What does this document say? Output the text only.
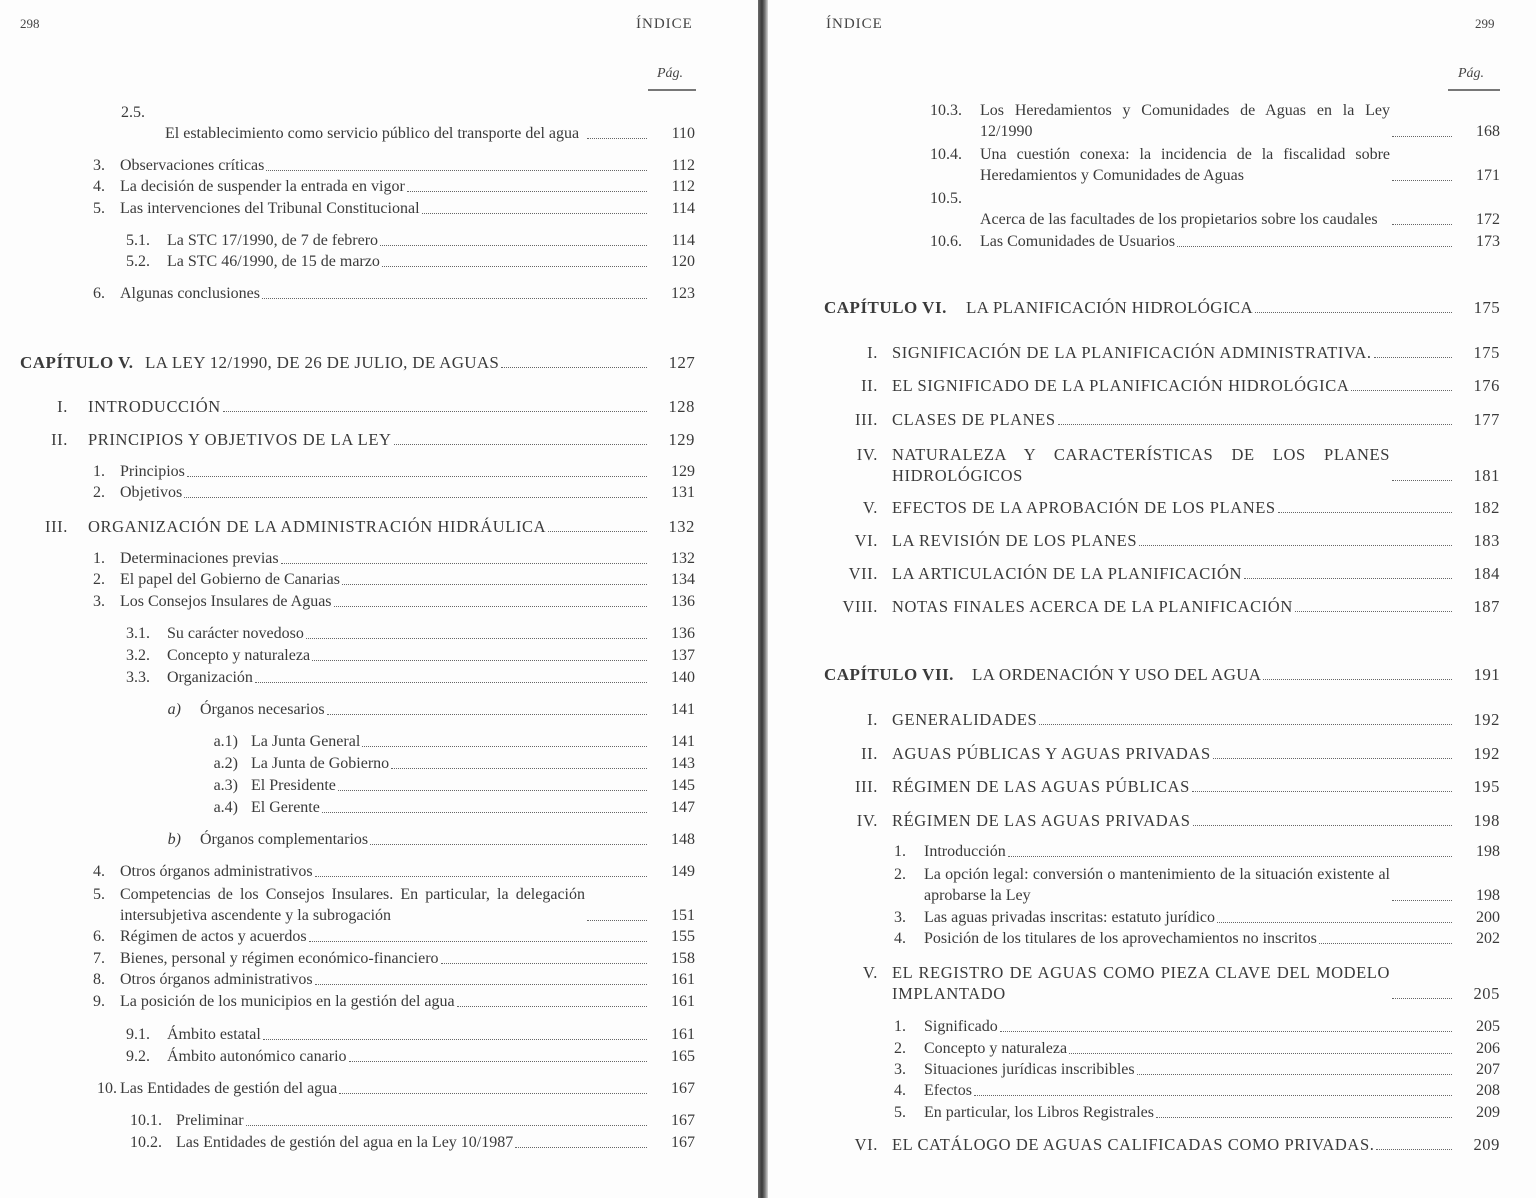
298	ÍNDICE
Pág.
2.5.
El establecimiento como servicio público del transporte del agua	110
3. Observaciones críticas	112
4. La decisión de suspender la entrada en vigor	112
5. Las intervenciones del Tribunal Constitucional	114
5.1. La STC 17/1990, de 7 de febrero	114
5.2. La STC 46/1990, de 15 de marzo	120
6. Algunas conclusiones	123
CAPÍTULO V. LA LEY 12/1990, DE 26 DE JULIO, DE AGUAS	127
I. INTRODUCCIÓN	128
II. PRINCIPIOS Y OBJETIVOS DE LA LEY	129
1. Principios	129
2. Objetivos	131
III. ORGANIZACIÓN DE LA ADMINISTRACIÓN HIDRÁULICA	132
1. Determinaciones previas	132
2. El papel del Gobierno de Canarias	134
3. Los Consejos Insulares de Aguas	136
3.1. Su carácter novedoso	136
3.2. Concepto y naturaleza	137
3.3. Organización	140
a) Órganos necesarios	141
a.1) La Junta General	141
a.2) La Junta de Gobierno	143
a.3) El Presidente	145
a.4) El Gerente	147
b) Órganos complementarios	148
4. Otros órganos administrativos	149
5. Competencias de los Consejos Insulares. En particular, la delegación intersubjetiva ascendente y la subrogación	151
6. Régimen de actos y acuerdos	155
7. Bienes, personal y régimen económico-financiero	158
8. Otros órganos administrativos	161
9. La posición de los municipios en la gestión del agua	161
9.1. Ámbito estatal	161
9.2. Ámbito autonómico canario	165
10. Las Entidades de gestión del agua	167
10.1. Preliminar	167
10.2. Las Entidades de gestión del agua en la Ley 10/1987	167
ÍNDICE	299
Pág.
10.3. Los Heredamientos y Comunidades de Aguas en la Ley 12/1990	168
10.4. Una cuestión conexa: la incidencia de la fiscalidad sobre Heredamientos y Comunidades de Aguas	171
10.5.
Acerca de las facultades de los propietarios sobre los caudales	172
10.6. Las Comunidades de Usuarios	173
CAPÍTULO VI. LA PLANIFICACIÓN HIDROLÓGICA	175
I. SIGNIFICACIÓN DE LA PLANIFICACIÓN ADMINISTRATIVA.	175
II. EL SIGNIFICADO DE LA PLANIFICACIÓN HIDROLÓGICA	176
III. CLASES DE PLANES	177
IV. NATURALEZA Y CARACTERÍSTICAS DE LOS PLANES HIDROLÓGICOS	181
V. EFECTOS DE LA APROBACIÓN DE LOS PLANES	182
VI. LA REVISIÓN DE LOS PLANES	183
VII. LA ARTICULACIÓN DE LA PLANIFICACIÓN	184
VIII. NOTAS FINALES ACERCA DE LA PLANIFICACIÓN	187
CAPÍTULO VII. LA ORDENACIÓN Y USO DEL AGUA	191
I. GENERALIDADES	192
II. AGUAS PÚBLICAS Y AGUAS PRIVADAS	192
III. RÉGIMEN DE LAS AGUAS PÚBLICAS	195
IV. RÉGIMEN DE LAS AGUAS PRIVADAS	198
1. Introducción	198
2. La opción legal: conversión o mantenimiento de la situación existente al aprobarse la Ley	198
3. Las aguas privadas inscritas: estatuto jurídico	200
4. Posición de los titulares de los aprovechamientos no inscritos	202
V. EL REGISTRO DE AGUAS COMO PIEZA CLAVE DEL MODELO IMPLANTADO	205
1. Significado	205
2. Concepto y naturaleza	206
3. Situaciones jurídicas inscribibles	207
4. Efectos	208
5. En particular, los Libros Registrales	209
VI. EL CATÁLOGO DE AGUAS CALIFICADAS COMO PRIVADAS.	209
